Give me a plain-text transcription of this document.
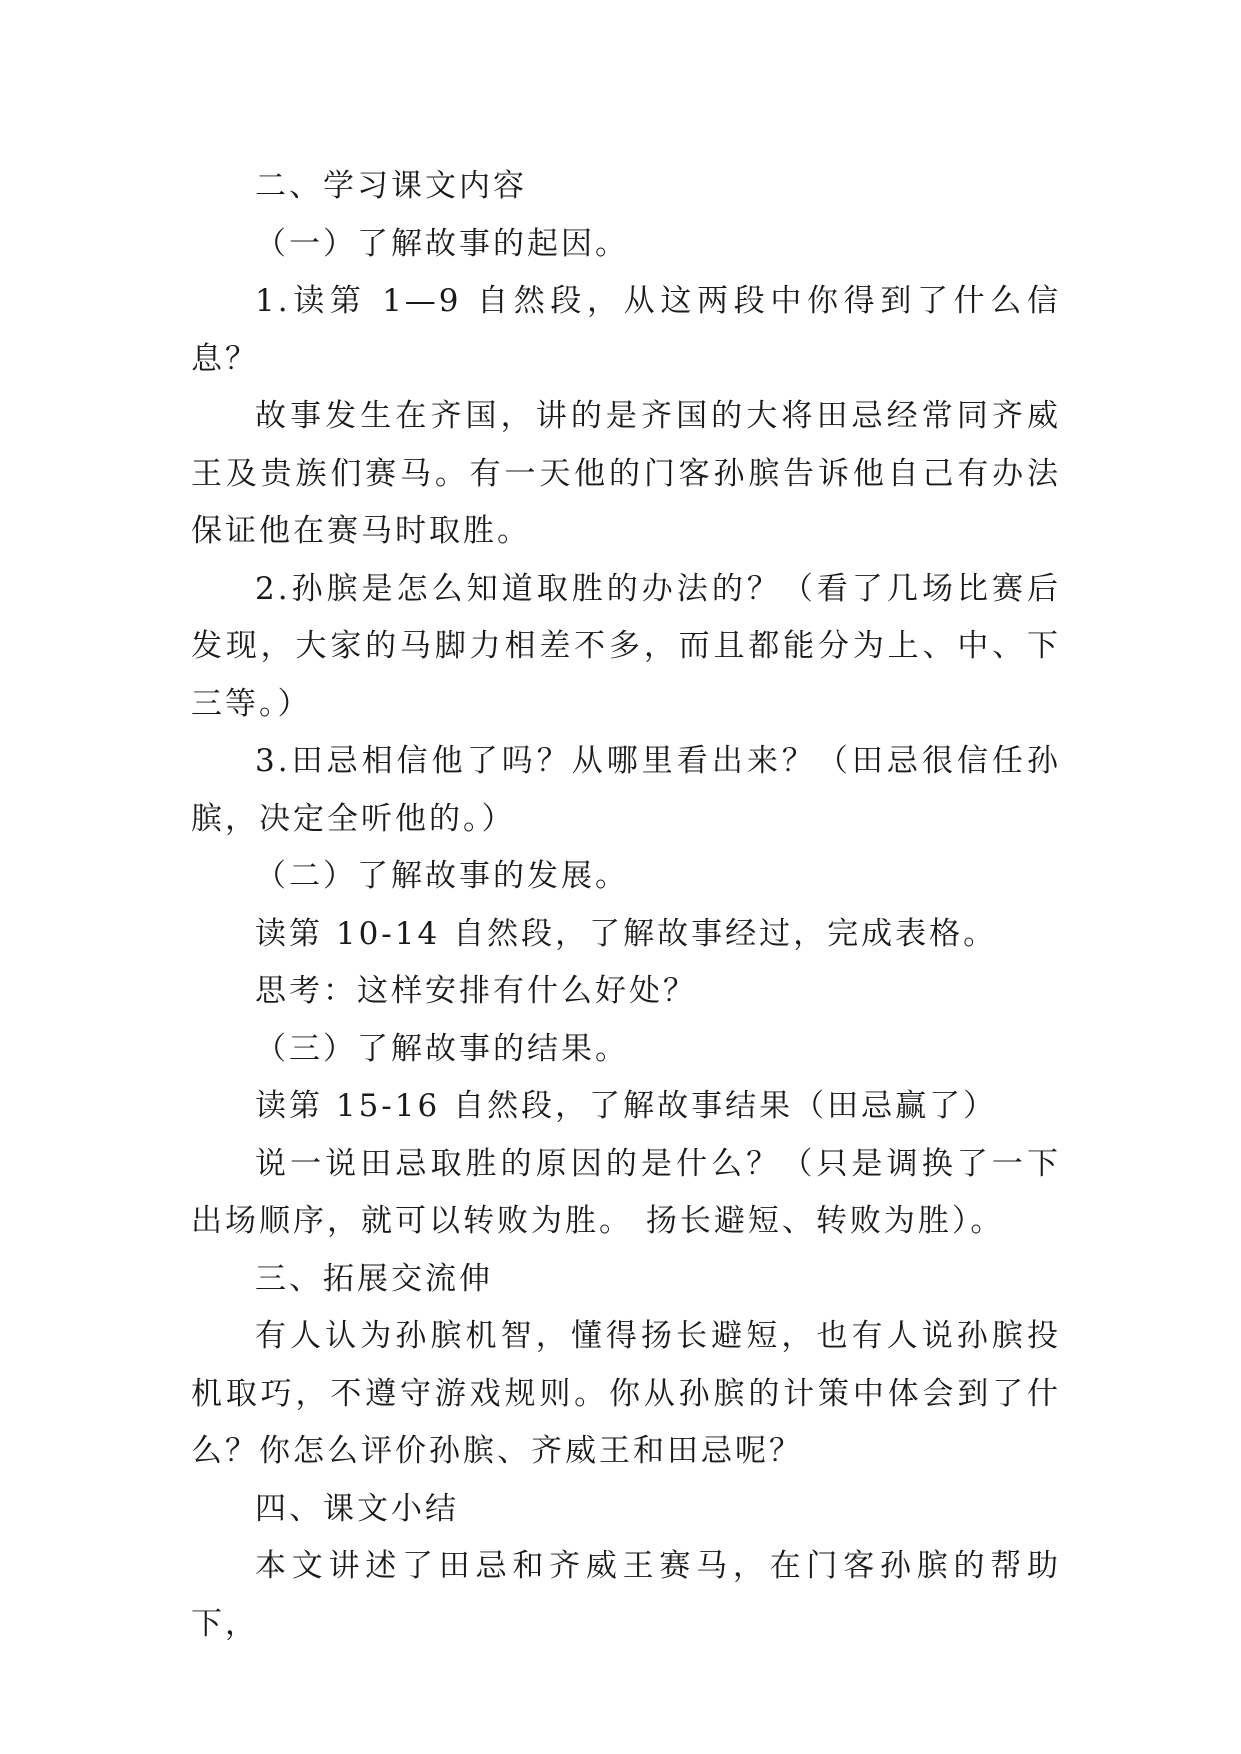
二、学习课文内容

（一）了解故事的起因。

1.读第 1—9 自然段，从这两段中你得到了什么信息？

故事发生在齐国，讲的是齐国的大将田忌经常同齐威王及贵族们赛马。有一天他的门客孙膑告诉他自己有办法保证他在赛马时取胜。

2.孙膑是怎么知道取胜的办法的？（看了几场比赛后发现，大家的马脚力相差不多，而且都能分为上、中、下三等。）

3.田忌相信他了吗？从哪里看出来？（田忌很信任孙膑，决定全听他的。）

（二）了解故事的发展。

读第 10-14 自然段，了解故事经过，完成表格。

思考：这样安排有什么好处？

（三）了解故事的结果。

读第 15-16 自然段，了解故事结果（田忌赢了）

说一说田忌取胜的原因的是什么？（只是调换了一下出场顺序，就可以转败为胜。 扬长避短、转败为胜）。

三、拓展交流伸

有人认为孙膑机智，懂得扬长避短，也有人说孙膑投机取巧，不遵守游戏规则。你从孙膑的计策中体会到了什么？你怎么评价孙膑、齐威王和田忌呢？

四、课文小结

本文讲述了田忌和齐威王赛马，在门客孙膑的帮助下，
